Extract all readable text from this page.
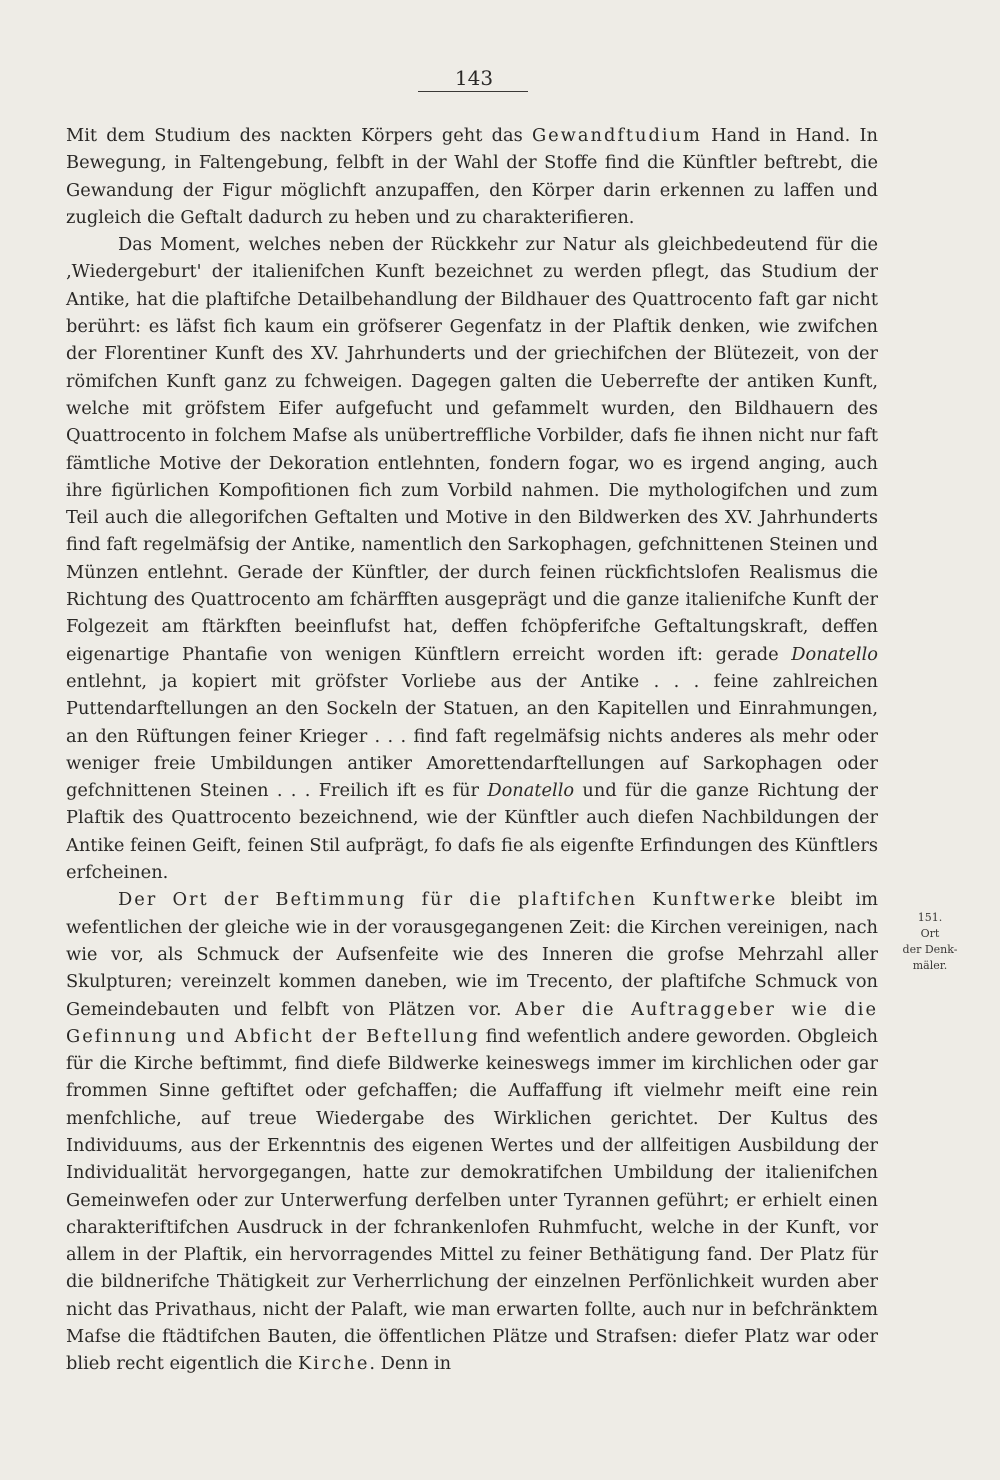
143

Mit dem Studium des nackten Körpers geht das Gewandftudium Hand in Hand. In Bewegung, in Faltengebung, felbft in der Wahl der Stoffe find die Künftler beftrebt, die Gewandung der Figur möglichft anzupaffen, den Körper darin erkennen zu laffen und zugleich die Geftalt dadurch zu heben und zu charakterifieren.

Das Moment, welches neben der Rückkehr zur Natur als gleichbedeutend für die ‚Wiedergeburt' der italienifchen Kunft bezeichnet zu werden pflegt, das Studium der Antike, hat die plaftifche Detailbehandlung der Bildhauer des Quattrocento faft gar nicht berührt: es läfst fich kaum ein gröfserer Gegenfatz in der Plaftik denken, wie zwifchen der Florentiner Kunft des XV. Jahrhunderts und der griechifchen der Blütezeit, von der römifchen Kunft ganz zu fchweigen. Dagegen galten die Ueberrefte der antiken Kunft, welche mit gröfstem Eifer aufgefucht und gefammelt wurden, den Bildhauern des Quattrocento in folchem Mafse als unübertreffliche Vorbilder, dafs fie ihnen nicht nur faft fämtliche Motive der Dekoration entlehnten, fondern fogar, wo es irgend anging, auch ihre figürlichen Kompofitionen fich zum Vorbild nahmen. Die mythologifchen und zum Teil auch die allegorifchen Geftalten und Motive in den Bildwerken des XV. Jahrhunderts find faft regelmäfsig der Antike, namentlich den Sarkophagen, gefchnittenen Steinen und Münzen entlehnt. Gerade der Künftler, der durch feinen rückfichtslofen Realismus die Richtung des Quattrocento am fchärfften ausgeprägt und die ganze italienifche Kunft der Folgezeit am ftärkften beeinflufst hat, deffen fchöpferifche Geftaltungskraft, deffen eigenartige Phantafie von wenigen Künftlern erreicht worden ift: gerade Donatello entlehnt, ja kopiert mit gröfster Vorliebe aus der Antike . . . feine zahlreichen Puttendarftellungen an den Sockeln der Statuen, an den Kapitellen und Einrahmungen, an den Rüftungen feiner Krieger . . . find faft regelmäfsig nichts anderes als mehr oder weniger freie Umbildungen antiker Amorettendarftellungen auf Sarkophagen oder gefchnittenen Steinen . . . Freilich ift es für Donatello und für die ganze Richtung der Plaftik des Quattrocento bezeichnend, wie der Künftler auch diefen Nachbildungen der Antike feinen Geift, feinen Stil aufprägt, fo dafs fie als eigenfte Erfindungen des Künftlers erfcheinen.

Der Ort der Beftimmung für die plaftifchen Kunftwerke bleibt im wefentlichen der gleiche wie in der vorausgegangenen Zeit: die Kirchen vereinigen, nach wie vor, als Schmuck der Aufsenfeite wie des Inneren die grofse Mehrzahl aller Skulpturen; vereinzelt kommen daneben, wie im Trecento, der plaftifche Schmuck von Gemeindebauten und felbft von Plätzen vor. Aber die Auftraggeber wie die Gefinnung und Abficht der Beftellung find wefentlich andere geworden. Obgleich für die Kirche beftimmt, find diefe Bildwerke keineswegs immer im kirchlichen oder gar frommen Sinne geftiftet oder gefchaffen; die Auffaffung ift vielmehr meift eine rein menfchliche, auf treue Wiedergabe des Wirklichen gerichtet. Der Kultus des Individuums, aus der Erkenntnis des eigenen Wertes und der allfeitigen Ausbildung der Individualität hervorgegangen, hatte zur demokratifchen Umbildung der italienifchen Gemeinwefen oder zur Unterwerfung derfelben unter Tyrannen geführt; er erhielt einen charakteriftifchen Ausdruck in der fchrankenlofen Ruhmfucht, welche in der Kunft, vor allem in der Plaftik, ein hervorragendes Mittel zu feiner Bethätigung fand. Der Platz für die bildnerifche Thätigkeit zur Verherrlichung der einzelnen Perfönlichkeit wurden aber nicht das Privathaus, nicht der Palaft, wie man erwarten follte, auch nur in befchränktem Mafse die ftädtifchen Bauten, die öffentlichen Plätze und Strafsen: diefer Platz war oder blieb recht eigentlich die Kirche. Denn in

151.
Ort
der Denk-
mäler.
